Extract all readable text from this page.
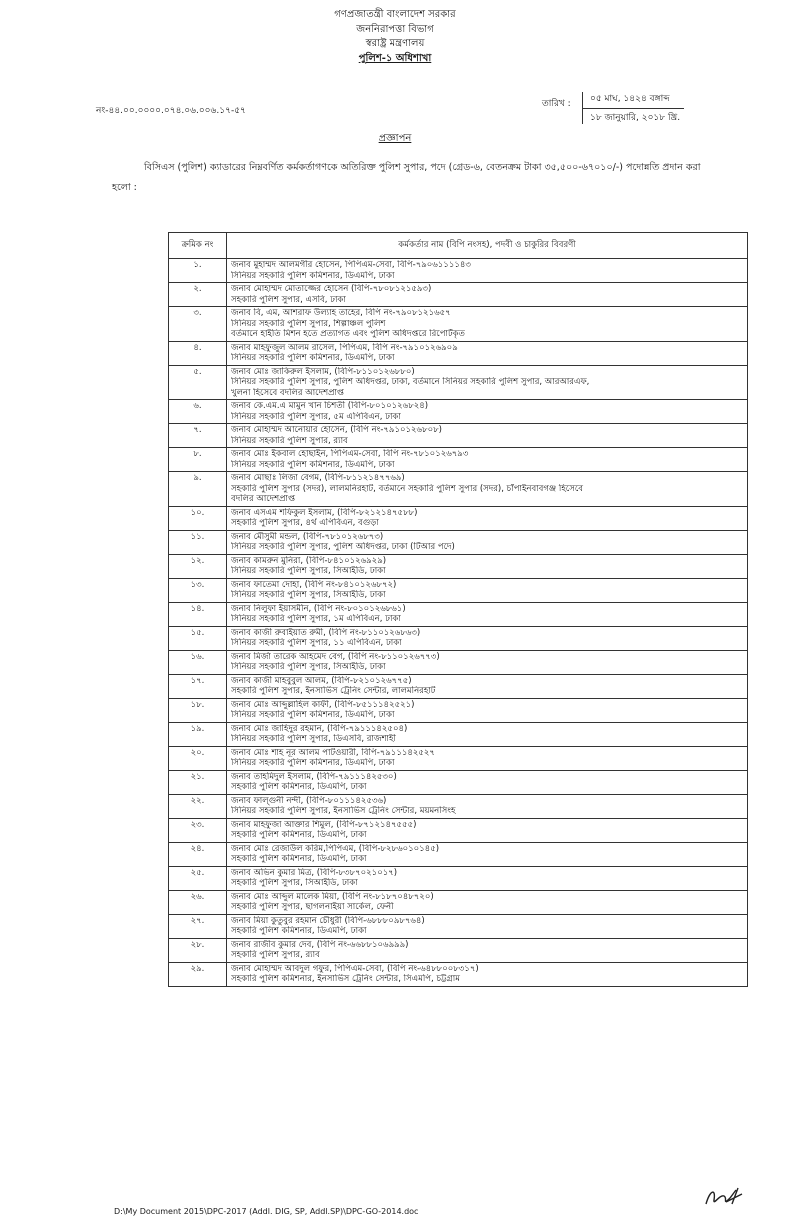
গণপ্রজাতন্ত্রী বাংলাদেশ সরকার
জননিরাপত্তা বিভাগ
স্বরাষ্ট্র মন্ত্রণালয়
পুলিশ-১ অধিশাখা
নং-৪৪.০০.০০০০.০৭৪.০৬.০০৬.১৭-৫৭
তারিখ :	০৫ মাঘ, ১৪২৪ বঙ্গাব্দ
১৮ জানুয়ারি, ২০১৮ খ্রি.
প্রজ্ঞাপন
বিসিএস (পুলিশ) ক্যাডারের নিম্নবর্ণিত কর্মকর্তাগণকে অতিরিক্ত পুলিশ সুপার, পদে (গ্রেড-৬, বেতনক্রম টাকা ৩৫,৫০০-৬৭০১০/-) পদোন্নতি প্রদান করা হলো :
ক্রমিক নং	কর্মকর্তার নাম (বিপি নংসহ), পদবী ও চাকুরির বিবরণী
১.	জনাব মুহাম্মদ আলমগীর হোসেন, পিপিএম-সেবা, বিপি-৭৯০৬১১১১৪৩
সিনিয়র সহকারি পুলিশ কমিশনার, ডিএমপি, ঢাকা

২.	জনাব মোহাম্মদ মোতাজ্জের হোসেন (বিপি-৭৮০৮১২১৫৯৩)
সহকারি পুলিশ সুপার, এসবি, ঢাকা

৩.	জনাব বি, এম, আশরাফ উল্যাহ তাহের, বিপি নং-৭৯০৮১২১৬৫৭
সিনিয়র সহকারি পুলিশ সুপার, শিল্পাঞ্চল পুলিশ
বর্তমানে হাইতি মিশন হতে প্রত্যাগত এবং পুলিশ অধিদপ্তরে রিপোর্টকৃত

৪.	জনাব মাহফুজুল আলম রাসেল, পিপিএম, বিপি নং-৭৯১০১২৬৯০৯
সিনিয়র সহকারি পুলিশ কমিশনার, ডিএমপি, ঢাকা

৫.	জনাব মোঃ জাকিরুল ইসলাম, (বিপি-৮১১০১২৬৮৮০)
সিনিয়র সহকারি পুলিশ সুপার, পুলিশ অধিদপ্তর, ঢাকা, বর্তমানে সিনিয়র সহকারি পুলিশ সুপার, আরআরএফ,
খুলনা হিসেবে বদলির আদেশপ্রাপ্ত

৬.	জনাব কে.এম.এ মামুন খান চিশতী (বিপি-৮০১০১২৬৮২৪)
সিনিয়র সহকারি পুলিশ সুপার, ৫ম এপিবিএন, ঢাকা

৭.	জনাব মোহাম্মদ আনোয়ার হোসেন, (বিপি নং-৭৯১০১২৬৮০৮)
সিনিয়র সহকারি পুলিশ সুপার, র‍্যাব

৮.	জনাব মোঃ ইকবাল হোছাইন, পিপিএম-সেবা, বিপি নং-৭৮১০১২৬৭৯৩
সিনিয়র সহকারি পুলিশ কমিশনার, ডিএমপি, ঢাকা

৯.	জনাব মোছাঃ লিজা বেগম, (বিপি-৮১১২১৪৭৭৬৯)
সহকারি পুলিশ সুপার (সদর), লালমনিরহাট, বর্তমানে সহকারি পুলিশ সুপার (সদর), চাঁপাইনবাবগঞ্জ হিসেবে
বদলির আদেশপ্রাপ্ত

১০.	জনাব এসএম শফিকুল ইসলাম, (বিপি-৮২১২১৪৭৫৮৮)
সহকারি পুলিশ সুপার, ৪র্থ এপিবিএন, বগুড়া

১১.	জনাব মৌসুমী মন্ডল, (বিপি-৭৮১০১২৬৮৭৩)
সিনিয়র সহকারি পুলিশ সুপার, পুলিশ অধিদপ্তর, ঢাকা (টিআর পদে)

১২.	জনাব কামরুন মুনিরা, (বিপি-৮৪১০১২৬৯২৯)
সিনিয়র সহকারি পুলিশ সুপার, সিআইডি, ঢাকা

১৩.	জনাব ফাতেমা দোহা, (বিপি নং-৮৪১০১২৬৮৭২)
সিনিয়র সহকারি পুলিশ সুপার, সিআইডি, ঢাকা

১৪.	জনাব নিলুফা ইয়াসমীন, (বিপি নং-৮০১০১২৬৮৬১)
সিনিয়র সহকারি পুলিশ সুপার, ১ম এপিবিএন, ঢাকা

১৫.	জনাব কাজী রুবাইয়াত রুমী, (বিপি নং-৮১১০১২৬৮৬৩)
সিনিয়র সহকারি পুলিশ সুপার, ১১ এপিবিএন, ঢাকা

১৬.	জনাব মির্জা তারেক আহমেদ বেগ, (বিপি নং-৮১১০১২৬৭৭৩)
সিনিয়র সহকারি পুলিশ সুপার, সিআইডি, ঢাকা

১৭.	জনাব কাজী মাহবুবুল আলম, (বিপি-৮২১০১২৬৭৭৫)
সহকারি পুলিশ সুপার, ইনসার্ভিস ট্রেনিং সেন্টার, লালমনিরহাট

১৮.	জনাব মোঃ আব্দুল্লাহিল কাফী, (বিপি-৮৫১১১৪২৫২১)
সিনিয়র সহকারি পুলিশ কমিশনার, ডিএমপি, ঢাকা

১৯.	জনাব মোঃ জাহিদুর রহমান, (বিপি-৭৯১১১৪২৫০৪)
সিনিয়র সহকারি পুলিশ সুপার, ডিএসবি, রাজশাহী

২০.	জনাব মোঃ শাহ নূর আলম পাটওয়ারী, বিপি-৭৯১১১৪২৫২৭
সিনিয়র সহকারি পুলিশ কমিশনার, ডিএমপি, ঢাকা

২১.	জনাব তাহমিদুল ইসলাম, (বিপি-৭৯১১১৪২৫৩০)
সহকারি পুলিশ কমিশনার, ডিএমপি, ঢাকা

২২.	জনাব ফাল্গুনী নন্দী, (বিপি-৮০১১১৪২৫৩৬)
সিনিয়র সহকারি পুলিশ সুপার, ইনসার্ভিস ট্রেনিং সেন্টার, ময়মনসিংহ

২৩.	জনাব মাহফুজা আক্তার শিমুল, (বিপি-৮৭১২১৪৭৫৫৫)
সহকারি পুলিশ কমিশনার, ডিএমপি, ঢাকা

২৪.	জনাব মোঃ রেজাউল করিম,পিপিএম, (বিপি-৮২৮৬০১০১৪৫)
সহকারি পুলিশ কমিশনার, ডিএমপি, ঢাকা

২৫.	জনাব অভিন কুমার মিত্র, (বিপি-৮৩৮৭০২১০১৭)
সহকারি পুলিশ সুপার, সিআইডি, ঢাকা

২৬.	জনাব মোঃ আব্দুল মালেক মিয়া, (বিপি নং-৮১৮৭০৪৮৭২০)
সহকারি পুলিশ সুপার, ছাগলনাইয়া সার্কেল, ফেনী

২৭.	জনাব মিয়া কুতুবুর রহমান চৌধুরী (বিপি-৬৮৮৮০৯৮৭৬৪)
সহকারি পুলিশ কমিশনার, ডিএমপি, ঢাকা

২৮.	জনাব রাজীব কুমার দেব, (বিপি নং-৬৬৮৮১০৬৯৯৯)
সহকারি পুলিশ সুপার, র‍্যাব

২৯.	জনাব মোহাম্মদ আবদুল গফুর, পিপিএম-সেবা, (বিপি নং-৬৪৮৮০০৮৩১৭)
সহকারি পুলিশ কমিশনার, ইনসার্ভিস ট্রেনিং সেন্টার, সিএমপি, চট্টগ্রাম
D:\My Document 2015\DPC-2017 (Addl. DIG, SP, Addl.SP)\DPC-GO-2014.doc
